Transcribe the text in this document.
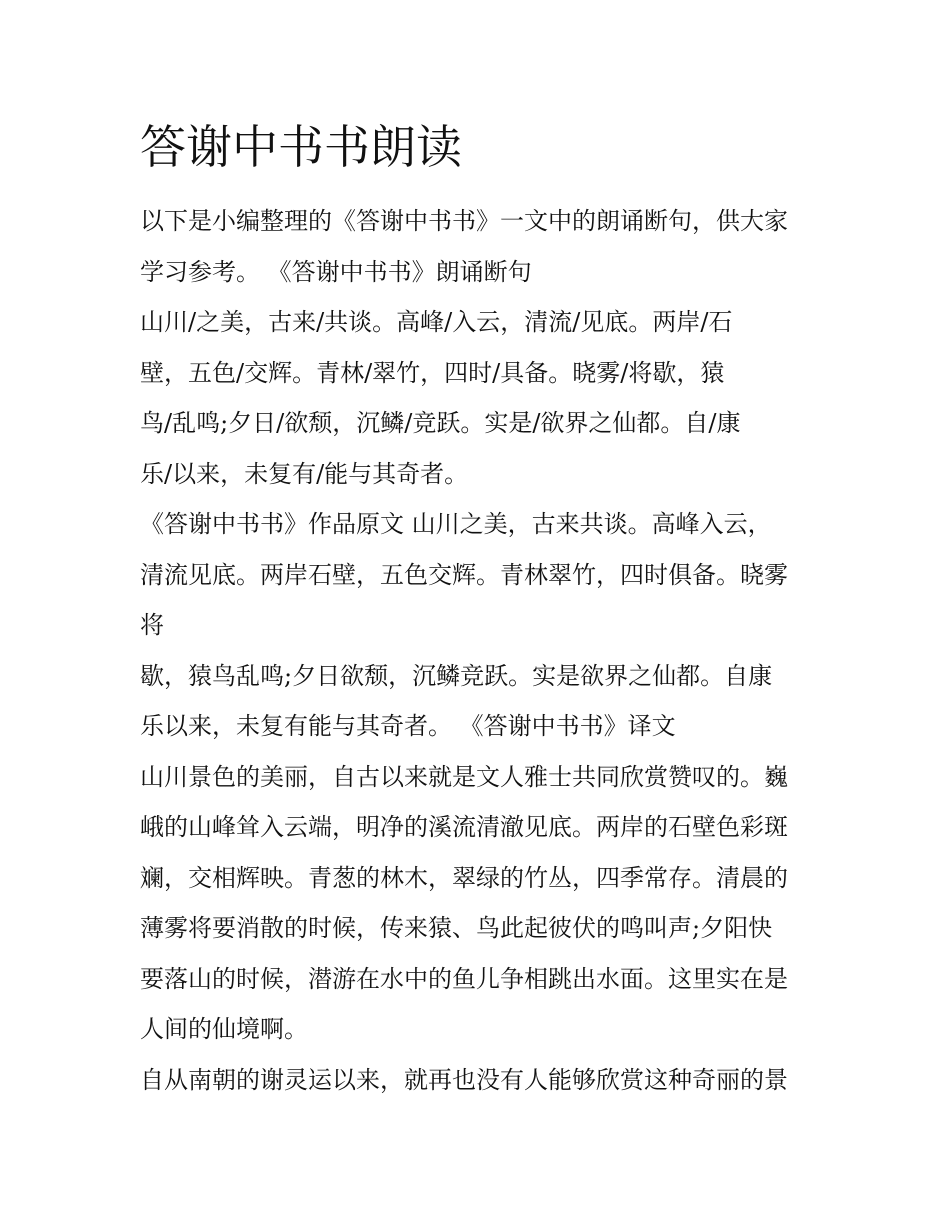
答谢中书书朗读
以下是小编整理的《答谢中书书》一文中的朗诵断句，供大家
学习参考。 《答谢中书书》朗诵断句
山川/之美，古来/共谈。高峰/入云，清流/见底。两岸/石
壁，五色/交辉。青林/翠竹，四时/具备。晓雾/将歇，猿
鸟/乱鸣;夕日/欲颓，沉鳞/竞跃。实是/欲界之仙都。自/康
乐/以来，未复有/能与其奇者。
《答谢中书书》作品原文 山川之美，古来共谈。高峰入云，
清流见底。两岸石壁，五色交辉。青林翠竹，四时俱备。晓雾
将
歇，猿鸟乱鸣;夕日欲颓，沉鳞竞跃。实是欲界之仙都。自康
乐以来，未复有能与其奇者。 《答谢中书书》译文
山川景色的美丽，自古以来就是文人雅士共同欣赏赞叹的。巍
峨的山峰耸入云端，明净的溪流清澈见底。两岸的石壁色彩斑
斓，交相辉映。青葱的林木，翠绿的竹丛，四季常存。清晨的
薄雾将要消散的时候，传来猿、鸟此起彼伏的鸣叫声;夕阳快
要落山的时候，潜游在水中的鱼儿争相跳出水面。这里实在是
人间的仙境啊。
自从南朝的谢灵运以来，就再也没有人能够欣赏这种奇丽的景
